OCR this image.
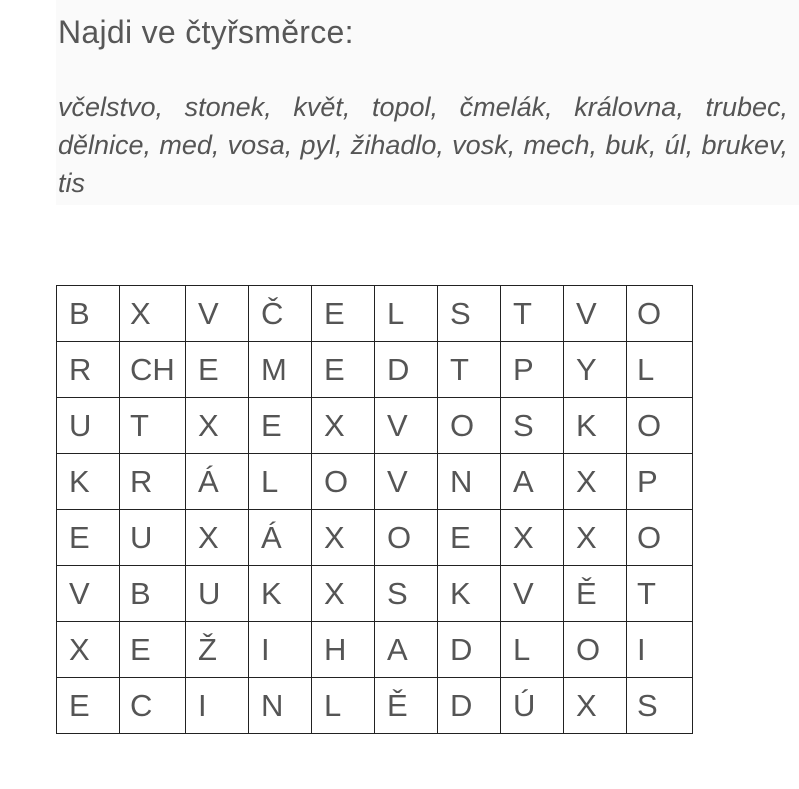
Najdi ve čtyřsměrce:
včelstvo, stonek, květ, topol, čmelák, královna, trubec, dělnice, med, vosa, pyl, žihadlo, vosk, mech, buk, úl, brukev, tis
B	X	V	Č	E	L	S	T	V	O
R	CH	E	M	E	D	T	P	Y	L
U	T	X	E	X	V	O	S	K	O
K	R	Á	L	O	V	N	A	X	P
E	U	X	Á	X	O	E	X	X	O
V	B	U	K	X	S	K	V	Ě	T
X	E	Ž	I	H	A	D	L	O	I
E	C	I	N	L	Ě	D	Ú	X	S
